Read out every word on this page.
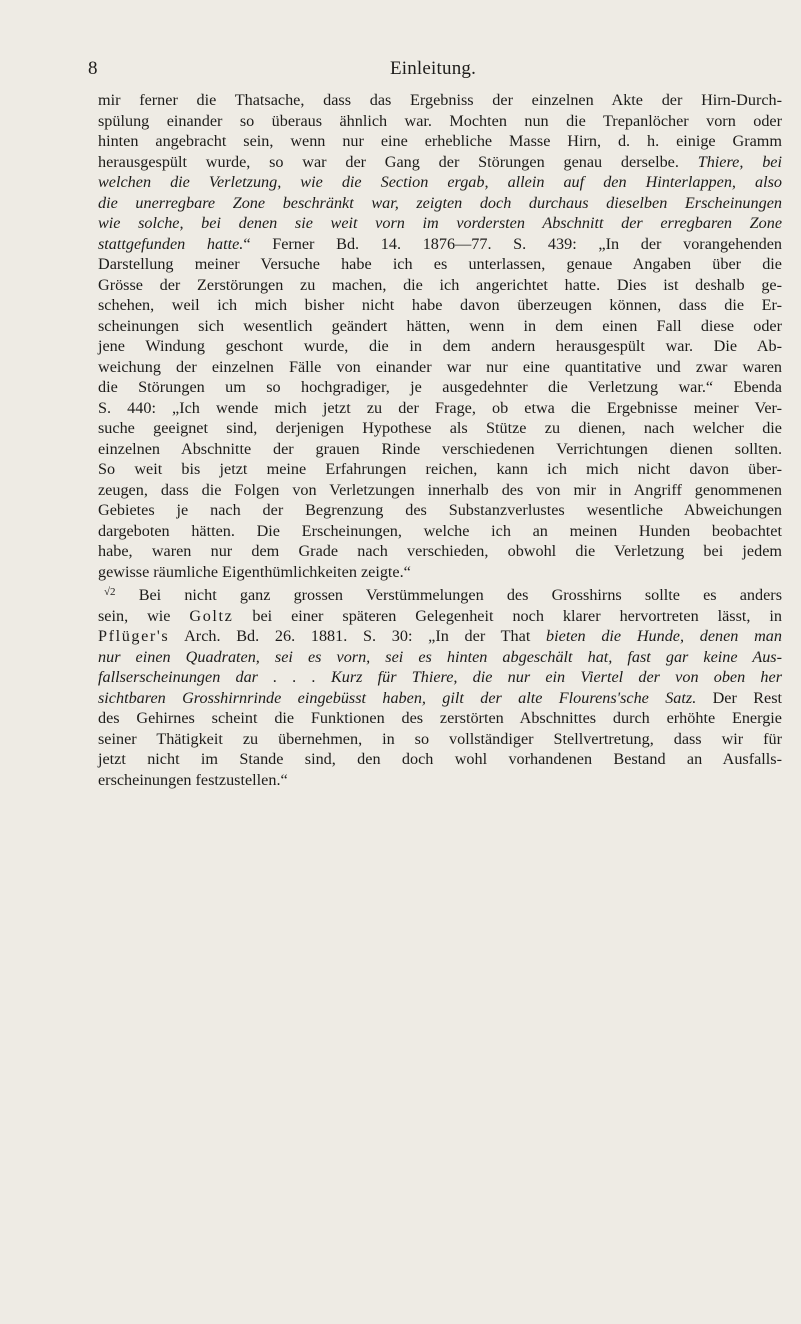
8	Einleitung.
mir ferner die Thatsache, dass das Ergebniss der einzelnen Akte der Hirn-Durch-
spülung einander so überaus ähnlich war. Mochten nun die Trepanlöcher vorn oder
hinten angebracht sein, wenn nur eine erhebliche Masse Hirn, d. h. einige Gramm
herausgespült wurde, so war der Gang der Störungen genau derselbe. Thiere, bei
welchen die Verletzung, wie die Section ergab, allein auf den Hinterlappen, also
die unerregbare Zone beschränkt war, zeigten doch durchaus dieselben Erscheinungen
wie solche, bei denen sie weit vorn im vordersten Abschnitt der erregbaren Zone
stattgefunden hatte.“ Ferner Bd. 14. 1876—77. S. 439: „In der vorangehenden
Darstellung meiner Versuche habe ich es unterlassen, genaue Angaben über die
Grösse der Zerstörungen zu machen, die ich angerichtet hatte. Dies ist deshalb ge-
schehen, weil ich mich bisher nicht habe davon überzeugen können, dass die Er-
scheinungen sich wesentlich geändert hätten, wenn in dem einen Fall diese oder
jene Windung geschont wurde, die in dem andern herausgespült war. Die Ab-
weichung der einzelnen Fälle von einander war nur eine quantitative und zwar waren
die Störungen um so hochgradiger, je ausgedehnter die Verletzung war.“ Ebenda
S. 440: „Ich wende mich jetzt zu der Frage, ob etwa die Ergebnisse meiner Ver-
suche geeignet sind, derjenigen Hypothese als Stütze zu dienen, nach welcher die
einzelnen Abschnitte der grauen Rinde verschiedenen Verrichtungen dienen sollten.
So weit bis jetzt meine Erfahrungen reichen, kann ich mich nicht davon über-
zeugen, dass die Folgen von Verletzungen innerhalb des von mir in Angriff genommenen
Gebietes je nach der Begrenzung des Substanzverlustes wesentliche Abweichungen
dargeboten hätten. Die Erscheinungen, welche ich an meinen Hunden beobachtet
habe, waren nur dem Grade nach verschieden, obwohl die Verletzung bei jedem
gewisse räumliche Eigenthümlichkeiten zeigte.“
$^{√2}$ Bei nicht ganz grossen Verstümmelungen des Grosshirns sollte es anders
sein, wie Goltz bei einer späteren Gelegenheit noch klarer hervortreten lässt, in
Pflüger's Arch. Bd. 26. 1881. S. 30: „In der That bieten die Hunde, denen man
nur einen Quadraten, sei es vorn, sei es hinten abgeschält hat, fast gar keine Aus-
fallserscheinungen dar . . . Kurz für Thiere, die nur ein Viertel der von oben her
sichtbaren Grosshirnrinde eingebüsst haben, gilt der alte Flourens'sche Satz. Der Rest
des Gehirnes scheint die Funktionen des zerstörten Abschnittes durch erhöhte Energie
seiner Thätigkeit zu übernehmen, in so vollständiger Stellvertretung, dass wir für
jetzt nicht im Stande sind, den doch wohl vorhandenen Bestand an Ausfalls-
erscheinungen festzustellen.“
